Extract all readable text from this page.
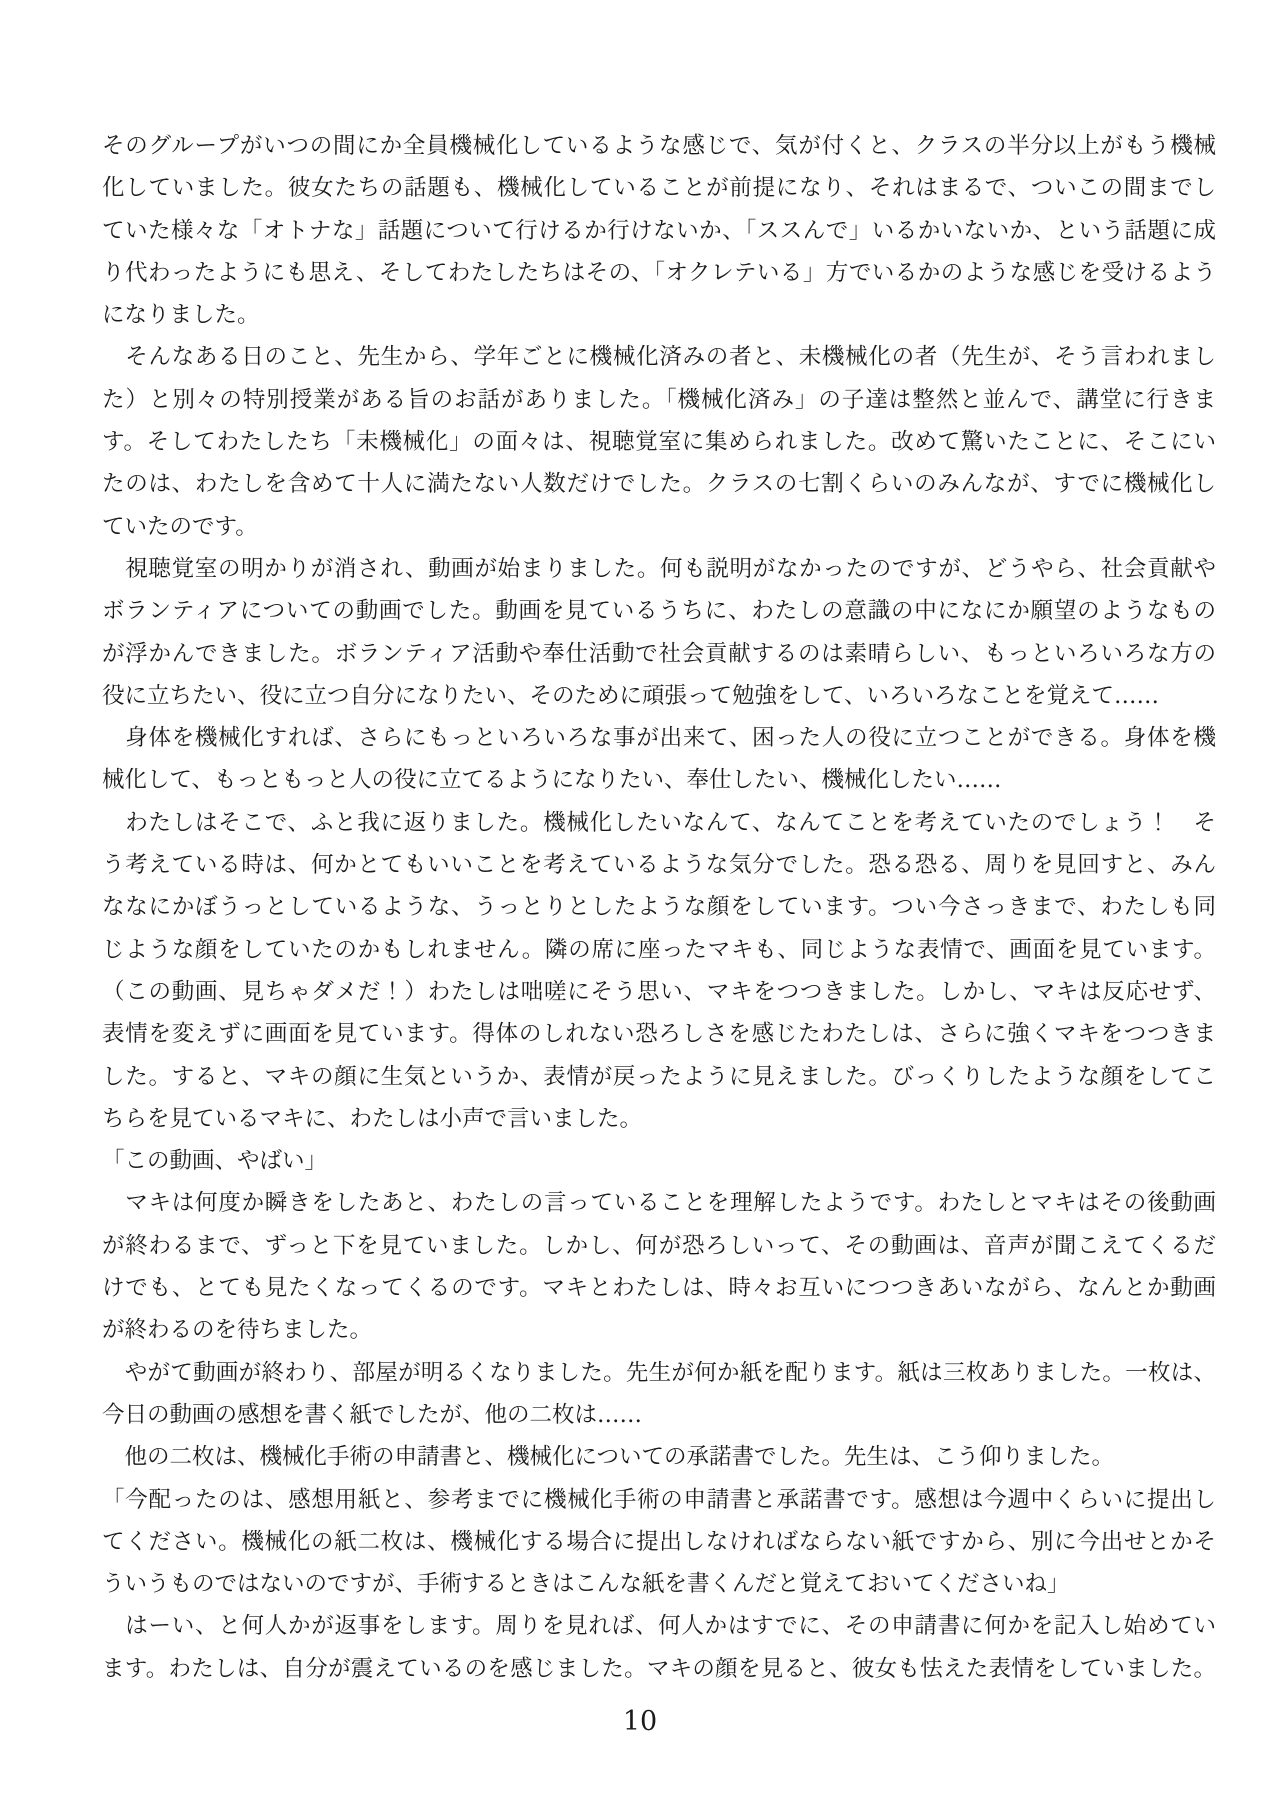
そのグループがいつの間にか全員機械化しているような感じで、気が付くと、クラスの半分以上がもう機械
化していました。彼女たちの話題も、機械化していることが前提になり、それはまるで、ついこの間までし
ていた様々な「オトナな」話題について行けるか行けないか、「ススんで」いるかいないか、という話題に成
り代わったようにも思え、そしてわたしたちはその、「オクレテいる」方でいるかのような感じを受けるよう
になりました。
　そんなある日のこと、先生から、学年ごとに機械化済みの者と、未機械化の者（先生が、そう言われまし
た）と別々の特別授業がある旨のお話がありました。「機械化済み」の子達は整然と並んで、講堂に行きま
す。そしてわたしたち「未機械化」の面々は、視聴覚室に集められました。改めて驚いたことに、そこにい
たのは、わたしを含めて十人に満たない人数だけでした。クラスの七割くらいのみんなが、すでに機械化し
ていたのです。
　視聴覚室の明かりが消され、動画が始まりました。何も説明がなかったのですが、どうやら、社会貢献や
ボランティアについての動画でした。動画を見ているうちに、わたしの意識の中になにか願望のようなもの
が浮かんできました。ボランティア活動や奉仕活動で社会貢献するのは素晴らしい、もっといろいろな方の
役に立ちたい、役に立つ自分になりたい、そのために頑張って勉強をして、いろいろなことを覚えて……
　身体を機械化すれば、さらにもっといろいろな事が出来て、困った人の役に立つことができる。身体を機
械化して、もっともっと人の役に立てるようになりたい、奉仕したい、機械化したい……
　わたしはそこで、ふと我に返りました。機械化したいなんて、なんてことを考えていたのでしょう！　そ
う考えている時は、何かとてもいいことを考えているような気分でした。恐る恐る、周りを見回すと、みん
ななにかぼうっとしているような、うっとりとしたような顔をしています。つい今さっきまで、わたしも同
じような顔をしていたのかもしれません。隣の席に座ったマキも、同じような表情で、画面を見ています。
（この動画、見ちゃダメだ！）わたしは咄嗟にそう思い、マキをつつきました。しかし、マキは反応せず、
表情を変えずに画面を見ています。得体のしれない恐ろしさを感じたわたしは、さらに強くマキをつつきま
した。すると、マキの顔に生気というか、表情が戻ったように見えました。びっくりしたような顔をしてこ
ちらを見ているマキに、わたしは小声で言いました。
「この動画、やばい」
　マキは何度か瞬きをしたあと、わたしの言っていることを理解したようです。わたしとマキはその後動画
が終わるまで、ずっと下を見ていました。しかし、何が恐ろしいって、その動画は、音声が聞こえてくるだ
けでも、とても見たくなってくるのです。マキとわたしは、時々お互いにつつきあいながら、なんとか動画
が終わるのを待ちました。
　やがて動画が終わり、部屋が明るくなりました。先生が何か紙を配ります。紙は三枚ありました。一枚は、
今日の動画の感想を書く紙でしたが、他の二枚は……
　他の二枚は、機械化手術の申請書と、機械化についての承諾書でした。先生は、こう仰りました。
「今配ったのは、感想用紙と、参考までに機械化手術の申請書と承諾書です。感想は今週中くらいに提出し
てください。機械化の紙二枚は、機械化する場合に提出しなければならない紙ですから、別に今出せとかそ
ういうものではないのですが、手術するときはこんな紙を書くんだと覚えておいてくださいね」
　はーい、と何人かが返事をします。周りを見れば、何人かはすでに、その申請書に何かを記入し始めてい
ます。わたしは、自分が震えているのを感じました。マキの顔を見ると、彼女も怯えた表情をしていました。
10
